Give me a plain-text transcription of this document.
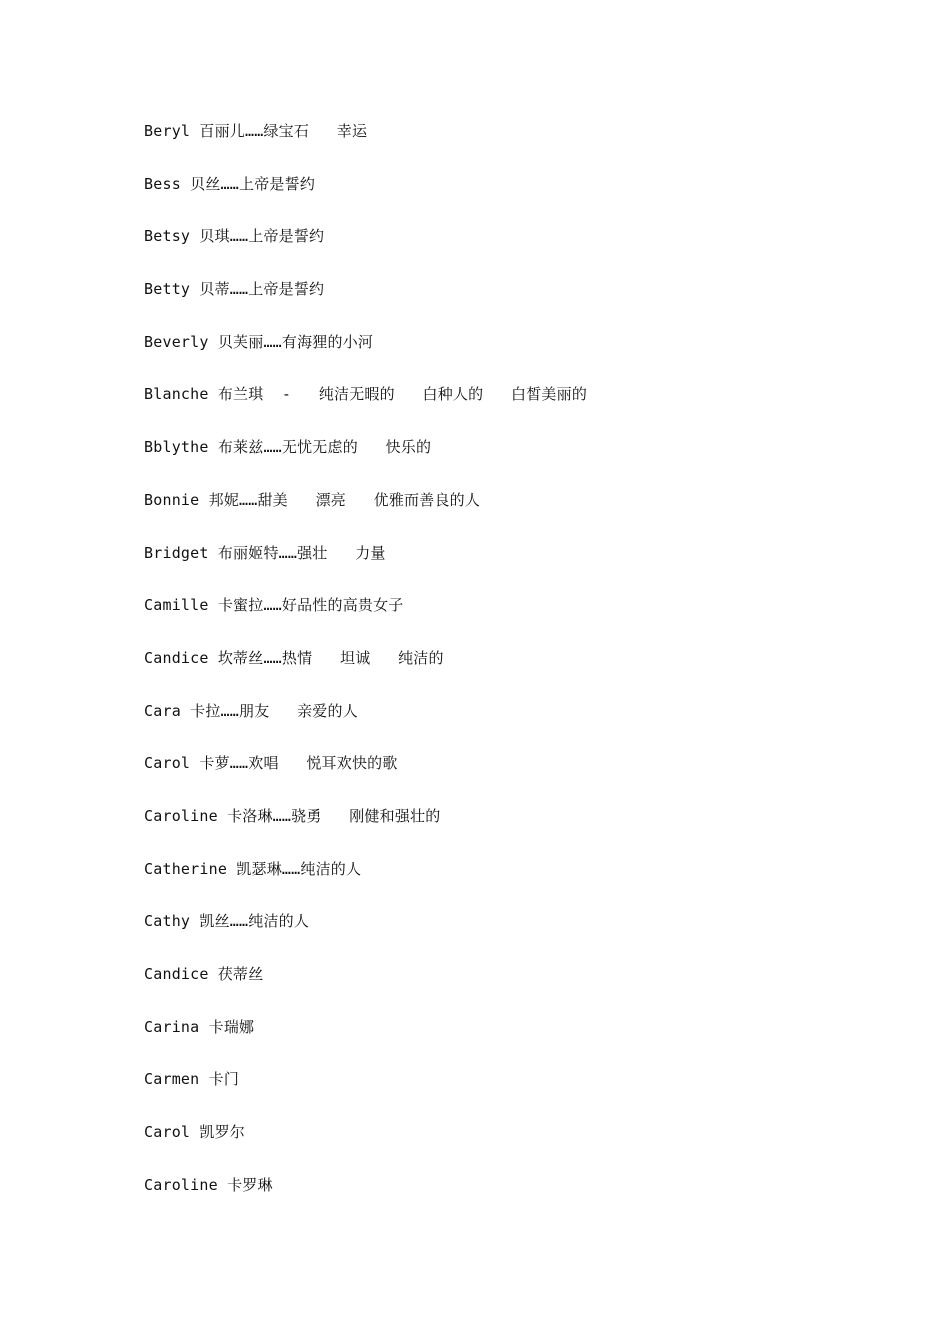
Beryl 百丽儿……绿宝石   幸运
Bess 贝丝……上帝是誓约
Betsy 贝琪……上帝是誓约
Betty 贝蒂……上帝是誓约
Beverly 贝芙丽……有海狸的小河
Blanche 布兰琪  -   纯洁无暇的   白种人的   白皙美丽的
Bblythe 布莱兹……无忧无虑的   快乐的
Bonnie 邦妮……甜美   漂亮   优雅而善良的人
Bridget 布丽姬特……强壮   力量
Camille 卡蜜拉……好品性的高贵女子
Candice 坎蒂丝……热情   坦诚   纯洁的
Cara 卡拉……朋友   亲爱的人
Carol 卡萝……欢唱   悦耳欢快的歌
Caroline 卡洛琳……骁勇   刚健和强壮的
Catherine 凯瑟琳……纯洁的人
Cathy 凯丝……纯洁的人
Candice 茯蒂丝
Carina 卡瑞娜
Carmen 卡门
Carol 凯罗尔
Caroline 卡罗琳
